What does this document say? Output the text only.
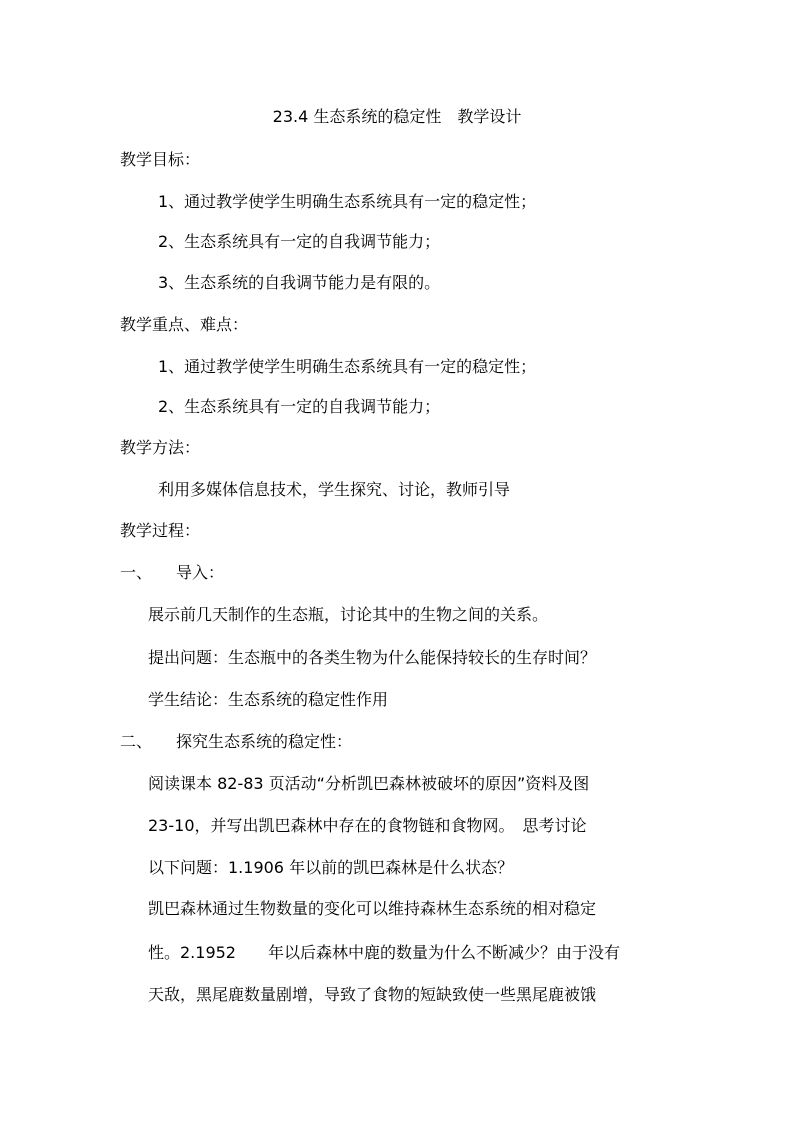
23.4 生态系统的稳定性　教学设计
教学目标：
1、通过教学使学生明确生态系统具有一定的稳定性；
2、生态系统具有一定的自我调节能力；
3、生态系统的自我调节能力是有限的。
教学重点、难点：
1、通过教学使学生明确生态系统具有一定的稳定性；
2、生态系统具有一定的自我调节能力；
教学方法：
利用多媒体信息技术，学生探究、讨论，教师引导
教学过程：
一、 导入：
展示前几天制作的生态瓶，讨论其中的生物之间的关系。
提出问题：生态瓶中的各类生物为什么能保持较长的生存时间？
学生结论：生态系统的稳定性作用
二、 探究生态系统的稳定性：
阅读课本 82-83 页活动“分析凯巴森林被破坏的原因”资料及图
23-10，并写出凯巴森林中存在的食物链和食物网。　思考讨论
以下问题：1.1906 年以前的凯巴森林是什么状态？
凯巴森林通过生物数量的变化可以维持森林生态系统的相对稳定
性。2.1952　　年以后森林中鹿的数量为什么不断减少？由于没有
天敌，黑尾鹿数量剧增，导致了食物的短缺致使一些黑尾鹿被饿
